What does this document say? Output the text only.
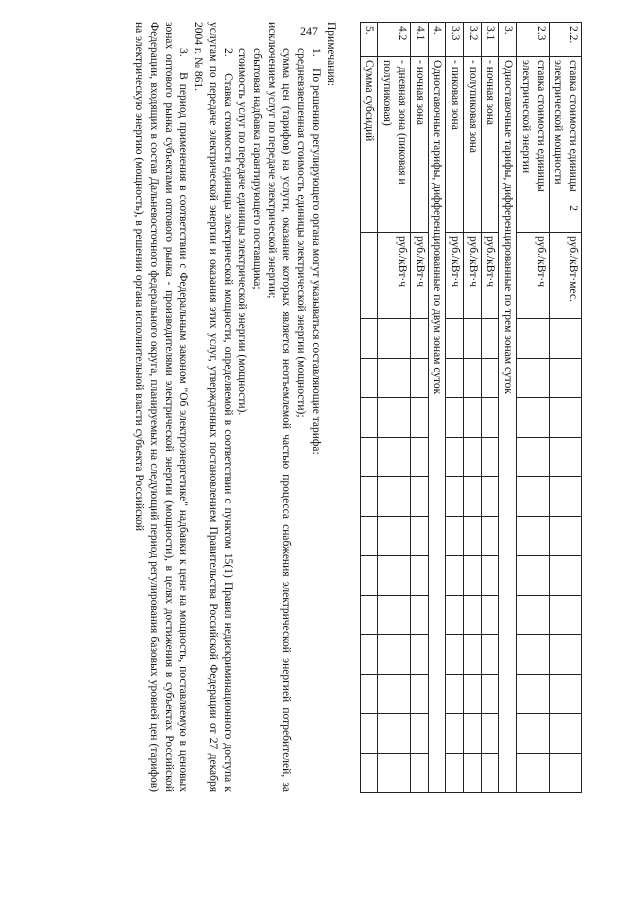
247	2.2.	2
ставка стоимости единицы
электрической мощности	руб./кВт·мес.												
2.3	ставка стоимости единицы
электрической энергии	руб./кВт·ч												
3.	Одноставочные тарифы, дифференцированные по трем зонам суток													
3.1	- ночная зона	руб./кВт·ч												
3.2	- полупиковая зона	руб./кВт·ч												
3.3	- пиковая зона	руб./кВт·ч												
4.	Одноставочные тарифы, дифференцированные по двум зонам суток													
4.1	- ночная зона	руб./кВт·ч												
4.2	- дневная зона (пиковая и полупиковая)	руб./кВт·ч												
5.	Сумма субсидий													

Примечания:

1.    По решению регулирующего органа могут указываться составляющие тарифа:

средневзвешенная стоимость единицы электрической энергии (мощности);

сумма цен (тарифов) на услуги, оказание которых является неотъемлемой частью процесса снабжения электрической энергией потребителей, за исключением услуг по передаче электрической энергии;

сбытовая надбавка гарантирующего поставщика;

стоимость услуг по передаче единицы электрической энергии (мощности).

2.    Ставка стоимости единицы электрической мощности, определяемой в соответствии с пунктом 15(1) Правил недискриминационного доступа к услугам по передаче электрической энергии и оказания этих услуг, утвержденных постановлением Правительства Российской Федерации от 27 декабря 2004 г. № 861.

3.    В период применения в соответствии с Федеральным законом "Об электроэнергетике" надбавки к цене на мощность, поставляемую в ценовых зонах оптового рынка субъектами оптового рынка - производителями электрической энергии (мощности), в целях достижения в субъектах Российской Федерации, входящих в состав Дальневосточного федерального округа, планируемых на следующий период регулирования базовых уровней цен (тарифов) на электрическую энергию (мощность), в решении органа исполнительной власти субъекта Российской
